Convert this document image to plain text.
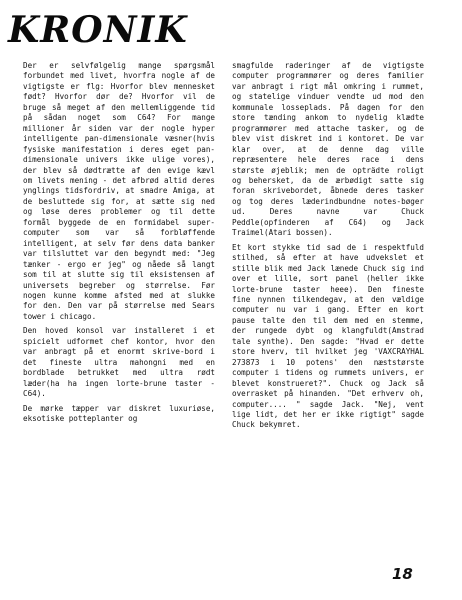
KRONIK

Der er selvfølgelig mange spørgsmål forbundet med livet, hvorfra nogle af de vigtigste er flg: Hvorfor blev mennesket født? Hvorfor dør de? Hvorfor vil de bruge så meget af den mellemliggende tid på sådan noget som C64? For mange millioner år siden var der nogle hyper intelligente pan-dimensionale væsner(hvis fysiske manifestation i deres eget pan-dimensionale univers ikke ulige vores), der blev så dødtrætte af den evige kævl om livets mening - det afbrød altid deres ynglings tidsfordriv, at smadre Amiga, at de besluttede sig for, at sætte sig ned og løse deres problemer og til dette formål byggede de en formidabel super-computer som var så forbløffende intelligent, at selv før dens data banker var tilsluttet var den begyndt med: "Jeg tænker - ergo er jeg" og nåede så langt som til at slutte sig til eksistensen af universets begreber og størrelse. Før nogen kunne komme afsted med at slukke for den. Den var på størrelse med Sears tower i chicago.

Den hoved konsol var installeret i et spicielt udformet chef kontor, hvor den var anbragt på et enormt skrive-bord i det fineste ultra mahongni med en bordblade betrukket med ultra rødt læder(ha ha ingen lorte-brune taster - C64).

De mørke tæpper var diskret luxuriøse, eksotiske potteplanter og

smagfulde raderinger af de vigtigste computer programmører og deres familier var anbragt i rigt mål omkring i rummet, og statelige vinduer vendte ud mod den kommunale losseplads. På dagen for den store tænding ankom to nydelig klædte programmører med attache tasker, og de blev vist diskret ind i kontoret. De var klar over, at de denne dag ville repræsentere hele deres race i dens største øjeblik; men de opträdte roligt og behersket, da de ærbødigt satte sig foran skrivebordet, åbnede deres tasker og tog deres læderindbundne notes-bøger ud. Deres navne var Chuck Peddle(opfinderen af C64) og Jack Traimel(Atari bossen).

Et kort stykke tid sad de i respektfuld stilhed, så efter at have udvekslet et stille blik med Jack lænede Chuck sig ind over et lille, sort panel (heller ikke lorte-brune taster heee). Den fineste fine nynnen tilkendegav, at den vældige computer nu var i gang. Efter en kort pause talte den til dem med en stemme, der rungede dybt og klangfuldt(Amstrad tale synthe). Den sagde: "Hvad er dette store hverv, til hvilket jeg 'VAXCRAYHAL 273873 i 10 potens' den næststørste computer i tidens og rummets univers, er blevet konstrueret?". Chuck og Jack så overrasket på hinanden. "Det erhverv oh, computer.... " sagde Jack. "Nej, vent lige lidt, det her er ikke rigtigt" sagde Chuck bekymret.

18
